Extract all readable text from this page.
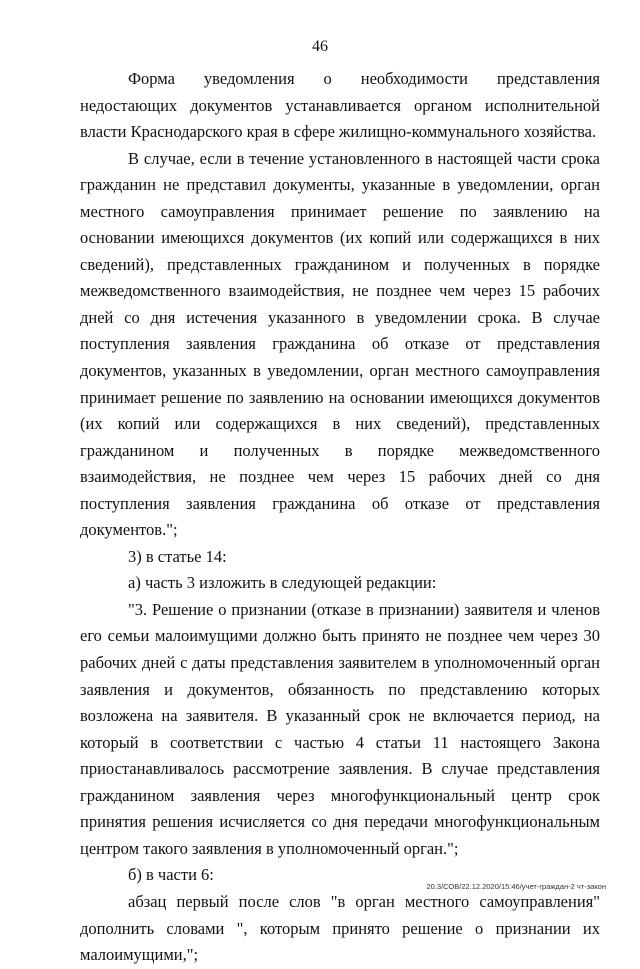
46

Форма уведомления о необходимости представления недостающих документов устанавливается органом исполнительной власти Краснодарского края в сфере жилищно-коммунального хозяйства.

В случае, если в течение установленного в настоящей части срока гражданин не представил документы, указанные в уведомлении, орган местного самоуправления принимает решение по заявлению на основании имеющихся документов (их копий или содержащихся в них сведений), представленных гражданином и полученных в порядке межведомственного взаимодействия, не позднее чем через 15 рабочих дней со дня истечения указанного в уведомлении срока. В случае поступления заявления гражданина об отказе от представления документов, указанных в уведомлении, орган местного самоуправления принимает решение по заявлению на основании имеющихся документов (их копий или содержащихся в них сведений), представленных гражданином и полученных в порядке межведомственного взаимодействия, не позднее чем через 15 рабочих дней со дня поступления заявления гражданина об отказе от представления документов.";

3) в статье 14:

а) часть 3 изложить в следующей редакции:

"3. Решение о признании (отказе в признании) заявителя и членов его семьи малоимущими должно быть принято не позднее чем через 30 рабочих дней с даты представления заявителем в уполномоченный орган заявления и документов, обязанность по представлению которых возложена на заявителя. В указанный срок не включается период, на который в соответствии с частью 4 статьи 11 настоящего Закона приостанавливалось рассмотрение заявления. В случае представления гражданином заявления через многофункциональный центр срок принятия решения исчисляется со дня передачи многофункциональным центром такого заявления в уполномоченный орган.";

б) в части 6:

абзац первый после слов "в орган местного самоуправления" дополнить словами ", которым принято решение о признании их малоимущими,";

20.3/СОВ/22.12.2020/15:46/учет-граждан-2 чт-закон
